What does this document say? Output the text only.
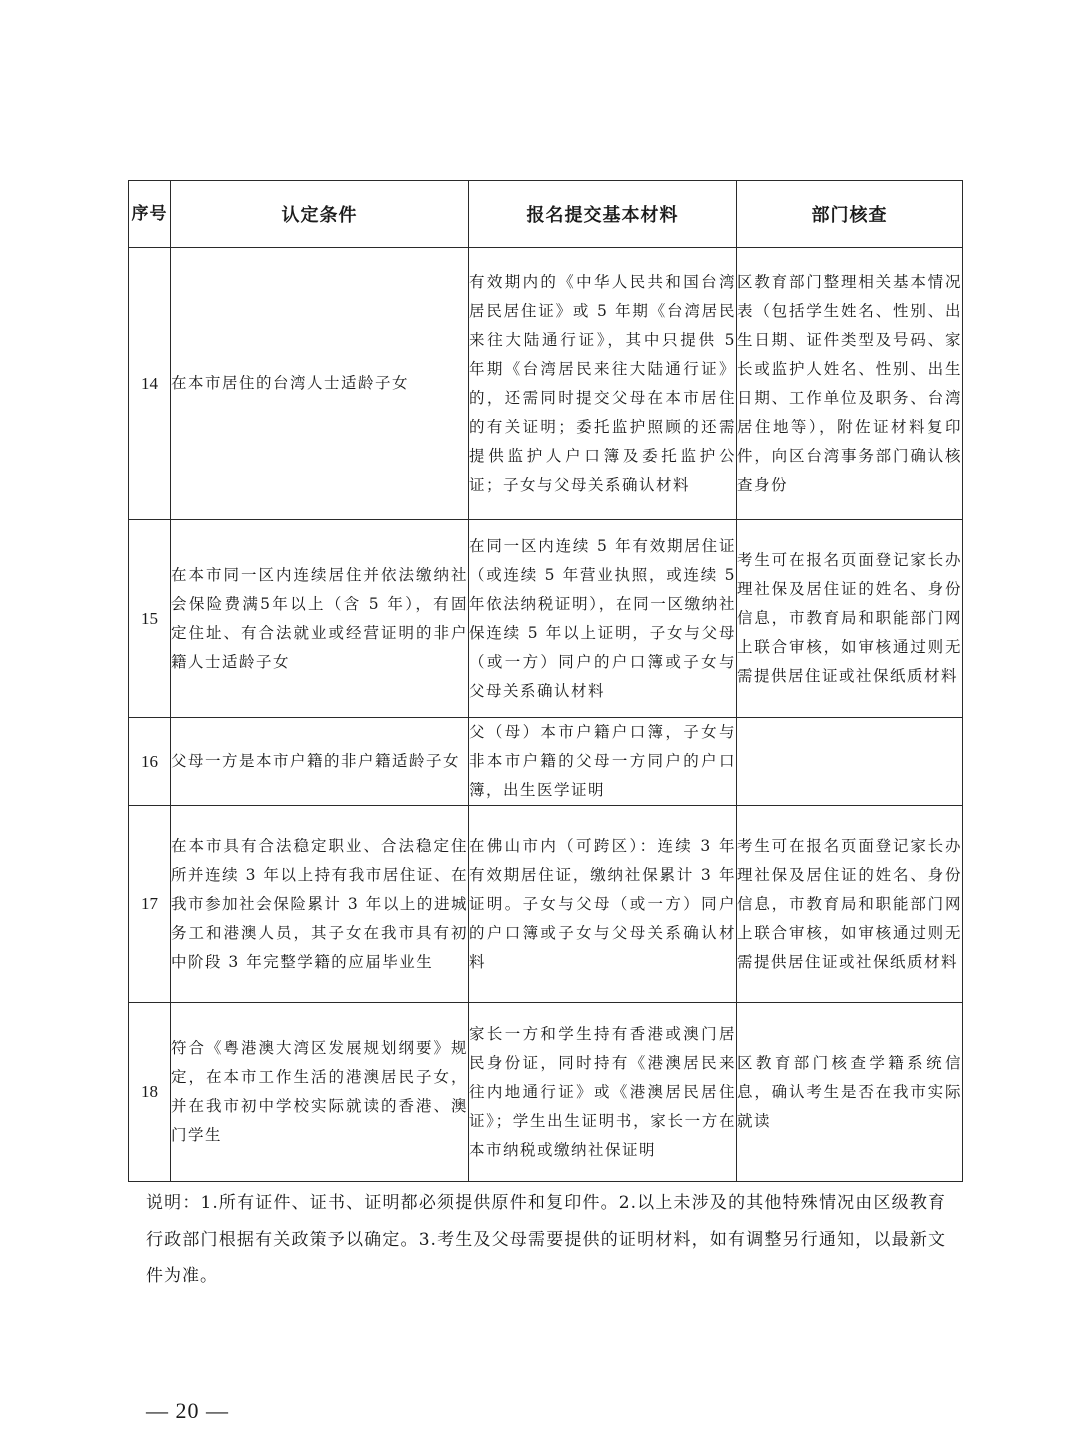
序号	认定条件	报名提交基本材料	部门核查
14	在本市居住的台湾人士适龄子女	有效期内的《中华人民共和国台湾居民居住证》或 5 年期《台湾居民来往大陆通行证》，其中只提供 5 年期《台湾居民来往大陆通行证》的，还需同时提交父母在本市居住的有关证明；委托监护照顾的还需提供监护人户口簿及委托监护公证；子女与父母关系确认材料	区教育部门整理相关基本情况表（包括学生姓名、性别、出生日期、证件类型及号码、家长或监护人姓名、性别、出生日期、工作单位及职务、台湾居住地等），附佐证材料复印件，向区台湾事务部门确认核查身份
15	在本市同一区内连续居住并依法缴纳社会保险费满5年以上（含 5 年），有固定住址、有合法就业或经营证明的非户籍人士适龄子女	在同一区内连续 5 年有效期居住证（或连续 5 年营业执照，或连续 5 年依法纳税证明），在同一区缴纳社保连续 5 年以上证明，子女与父母（或一方）同户的户口簿或子女与父母关系确认材料	考生可在报名页面登记家长办理社保及居住证的姓名、身份信息，市教育局和职能部门网上联合审核，如审核通过则无需提供居住证或社保纸质材料
16	父母一方是本市户籍的非户籍适龄子女	父（母）本市户籍户口簿，子女与非本市户籍的父母一方同户的户口簿，出生医学证明	
17	在本市具有合法稳定职业、合法稳定住所并连续 3 年以上持有我市居住证、在我市参加社会保险累计 3 年以上的进城务工和港澳人员，其子女在我市具有初中阶段 3 年完整学籍的应届毕业生	在佛山市内（可跨区）：连续 3 年有效期居住证，缴纳社保累计 3 年证明。子女与父母（或一方）同户的户口簿或子女与父母关系确认材料	考生可在报名页面登记家长办理社保及居住证的姓名、身份信息，市教育局和职能部门网上联合审核，如审核通过则无需提供居住证或社保纸质材料
18	符合《粤港澳大湾区发展规划纲要》规定，在本市工作生活的港澳居民子女，并在我市初中学校实际就读的香港、澳门学生	家长一方和学生持有香港或澳门居民身份证，同时持有《港澳居民来往内地通行证》或《港澳居民居住证》；学生出生证明书，家长一方在本市纳税或缴纳社保证明	区教育部门核查学籍系统信息，确认考生是否在我市实际就读
说明：1.所有证件、证书、证明都必须提供原件和复印件。2.以上未涉及的其他特殊情况由区级教育行政部门根据有关政策予以确定。3.考生及父母需要提供的证明材料，如有调整另行通知，以最新文件为准。
— 20 —
